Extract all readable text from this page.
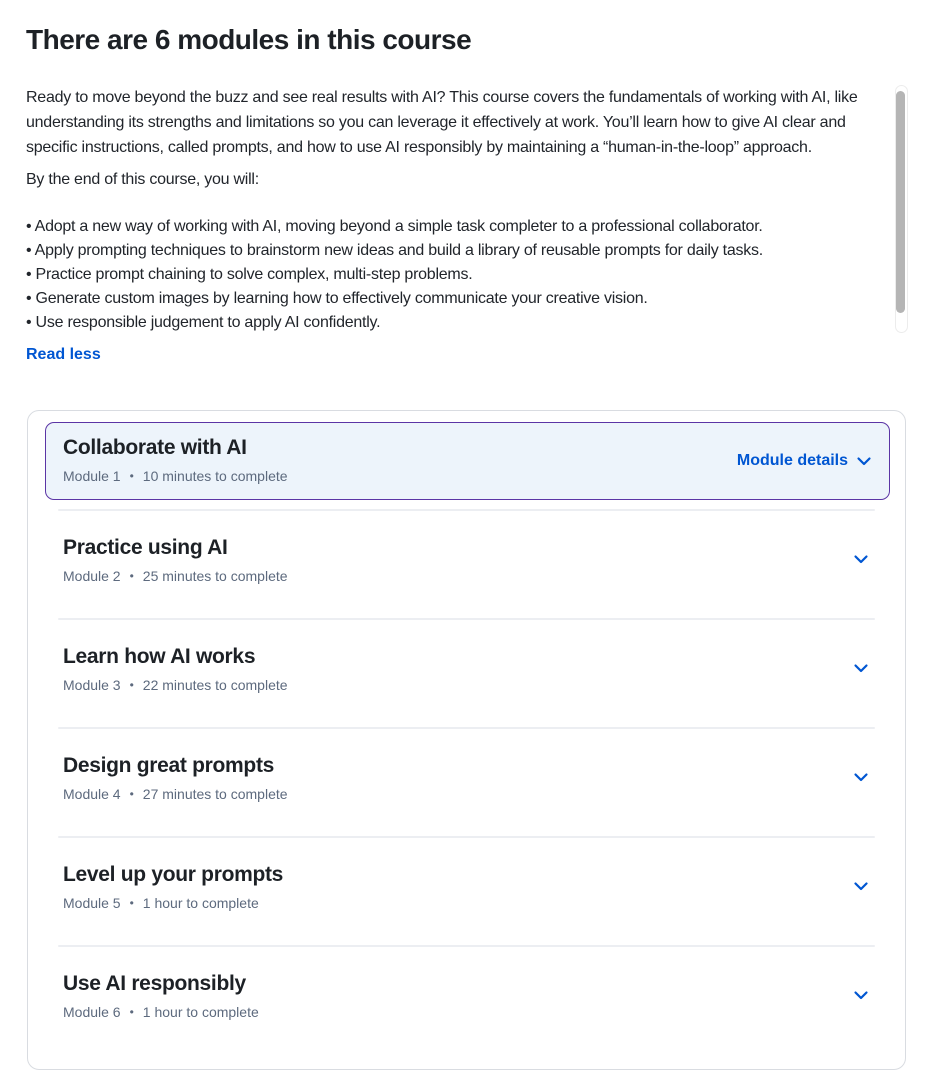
There are 6 modules in this course

Ready to move beyond the buzz and see real results with AI? This course covers the fundamentals of working with AI, like understanding its strengths and limitations so you can leverage it effectively at work. You’ll learn how to give AI clear and specific instructions, called prompts, and how to use AI responsibly by maintaining a “human-in-the-loop” approach.

By the end of this course, you will:

• Adopt a new way of working with AI, moving beyond a simple task completer to a professional collaborator.
• Apply prompting techniques to brainstorm new ideas and build a library of reusable prompts for daily tasks.
• Practice prompt chaining to solve complex, multi-step problems.
• Generate custom images by learning how to effectively communicate your creative vision.
• Use responsible judgement to apply AI confidently.
Read less
Collaborate with AI
Module 1 • 10 minutes to complete
Module details
Practice using AI
Module 2 • 25 minutes to complete
Learn how AI works
Module 3 • 22 minutes to complete
Design great prompts
Module 4 • 27 minutes to complete
Level up your prompts
Module 5 • 1 hour to complete
Use AI responsibly
Module 6 • 1 hour to complete
